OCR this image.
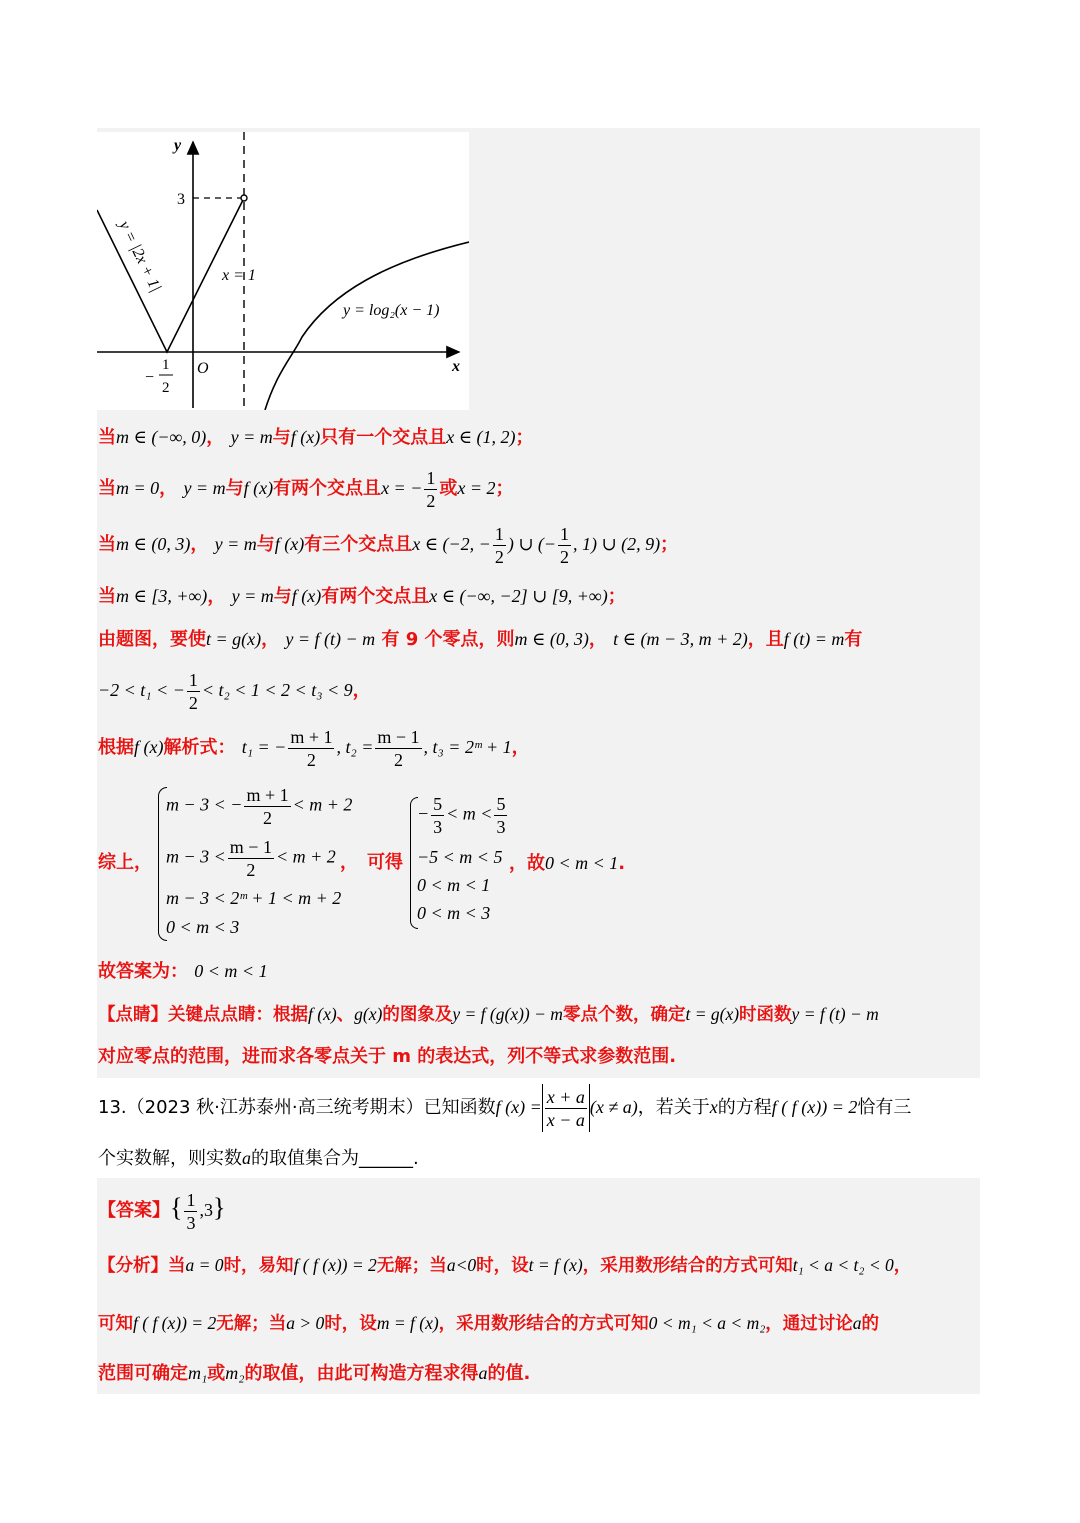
y
x
O
3
−
1
2
y = |2x + 1|	x = 1
y = log₂(x − 1)
当m ∈ (−∞, 0)， y = m与f (x)只有一个交点且x ∈ (1, 2)；
当m = 0， y = m与f (x)有两个交点且x = − $\frac{1}{2}$ 或x = 2；
当m ∈ (0, 3)， y = m与f (x)有三个交点且x ∈ (−2, − $\frac{1}{2}$ ) ∪ (− $\frac{1}{2}$ , 1) ∪ (2, 9)；
当m ∈ [3, +∞)， y = m与f (x)有两个交点且x ∈ (−∞, −2] ∪ [9, +∞)；
由题图，要使t = g(x)， y = f (t) − m 有 9 个零点，则m ∈ (0, 3)， t ∈ (m − 3, m + 2)，且f (t) = m有
−2 < t₁ < − $\frac{1}{2} < t_2 < 1 < 2 < t_3 < 9$，
根据f (x)解析式： t₁ = − $\frac{m + 1}{2}$ , $t_2 = \frac{m - 1}{2}$ , t₃ = 2ᵐ + 1，
综上，
m − 3 < − $\frac{m + 1}{2} < m + 2$
$m - 3 < \frac{m - 1}{2} < m + 2$
m − 3 < 2ᵐ + 1 < m + 2
0 < m < 3
， 可得
− $\frac{5}{3} < m < \frac{5}{3}$
−5 < m < 5
0 < m < 1
0 < m < 3
，故0 < m < 1.
故答案为： 0 < m < 1
【点睛】关键点点睛：根据f (x)、g(x)的图象及y = f (g(x)) − m零点个数，确定t = g(x)时函数y = f (t) − m
对应零点的范围，进而求各零点关于 m 的表达式，列不等式求参数范围.
13.（2023 秋·江苏泰州·高三统考期末）已知函数f $(x) = \frac{x + a}{x - a} (x \ne a)$，若关于x的方程f ( f (x)) = 2恰有三
个实数解，则实数a的取值集合为______.
【答案】{ $\frac{1}{3} ,3$}
【分析】当a = 0时，易知f ( f (x)) = 2无解；当a<0时，设t = f (x)，采用数形结合的方式可知t₁ < a < t₂ < 0，
可知f ( f (x)) = 2无解；当a > 0时，设m = f (x)，采用数形结合的方式可知0 < m₁ < a < m₂，通过讨论a的
范围可确定m₁或m₂的取值，由此可构造方程求得a的值.
